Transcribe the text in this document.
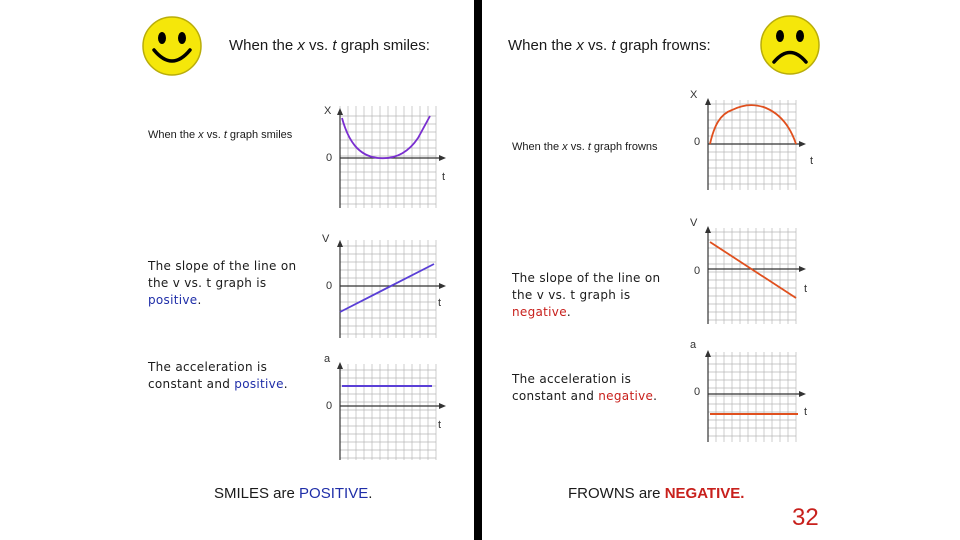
When the x vs. t graph smiles:
When the x vs. t graph smiles
X
0
t
The slope of the line on
the v vs. t graph is
positive.
V
0
t
The acceleration is
constant and positive.
a
0
t
SMILES are POSITIVE.
When the x vs. t graph frowns:
When the x vs. t graph frowns
X
0
t
The slope of the line on
the v vs. t graph is
negative.
V
0
t
The acceleration is
constant and negative.
a
0
t
FROWNS are NEGATIVE.
32
